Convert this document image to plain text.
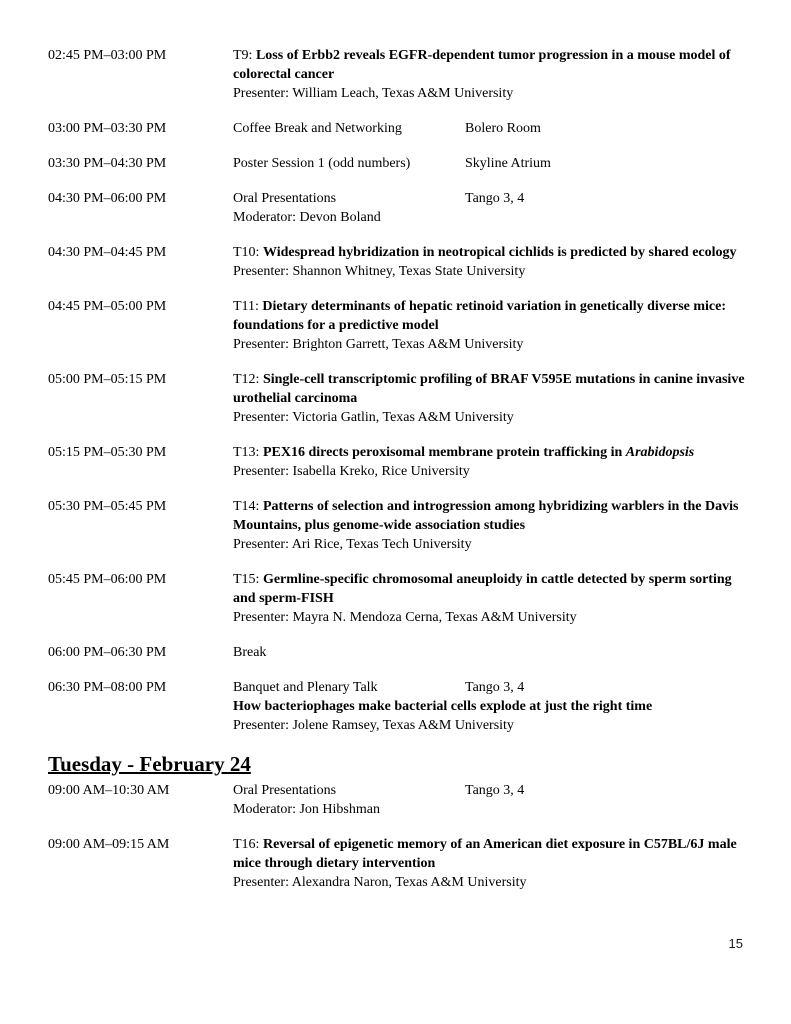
02:45 PM–03:00 PM	T9: Loss of Erbb2 reveals EGFR-dependent tumor progression in a mouse model of colorectal cancer
Presenter: William Leach, Texas A&M University
03:00 PM–03:30 PM	Coffee Break and Networking	Bolero Room
03:30 PM–04:30 PM	Poster Session 1 (odd numbers)	Skyline Atrium
04:30 PM–06:00 PM	Oral Presentations	Tango 3, 4
Moderator: Devon Boland
04:30 PM–04:45 PM	T10: Widespread hybridization in neotropical cichlids is predicted by shared ecology
Presenter: Shannon Whitney, Texas State University
04:45 PM–05:00 PM	T11: Dietary determinants of hepatic retinoid variation in genetically diverse mice: foundations for a predictive model
Presenter: Brighton Garrett, Texas A&M University
05:00 PM–05:15 PM	T12: Single-cell transcriptomic profiling of BRAF V595E mutations in canine invasive urothelial carcinoma
Presenter: Victoria Gatlin, Texas A&M University
05:15 PM–05:30 PM	T13: PEX16 directs peroxisomal membrane protein trafficking in Arabidopsis
Presenter: Isabella Kreko, Rice University
05:30 PM–05:45 PM	T14: Patterns of selection and introgression among hybridizing warblers in the Davis Mountains, plus genome-wide association studies
Presenter: Ari Rice, Texas Tech University
05:45 PM–06:00 PM	T15: Germline-specific chromosomal aneuploidy in cattle detected by sperm sorting and sperm-FISH
Presenter: Mayra N. Mendoza Cerna, Texas A&M University
06:00 PM–06:30 PM	Break
06:30 PM–08:00 PM	Banquet and Plenary Talk	Tango 3, 4
How bacteriophages make bacterial cells explode at just the right time
Presenter: Jolene Ramsey, Texas A&M University
Tuesday - February 24
09:00 AM–10:30 AM	Oral Presentations	Tango 3, 4
Moderator: Jon Hibshman
09:00 AM–09:15 AM	T16: Reversal of epigenetic memory of an American diet exposure in C57BL/6J male mice through dietary intervention
Presenter: Alexandra Naron, Texas A&M University
15
